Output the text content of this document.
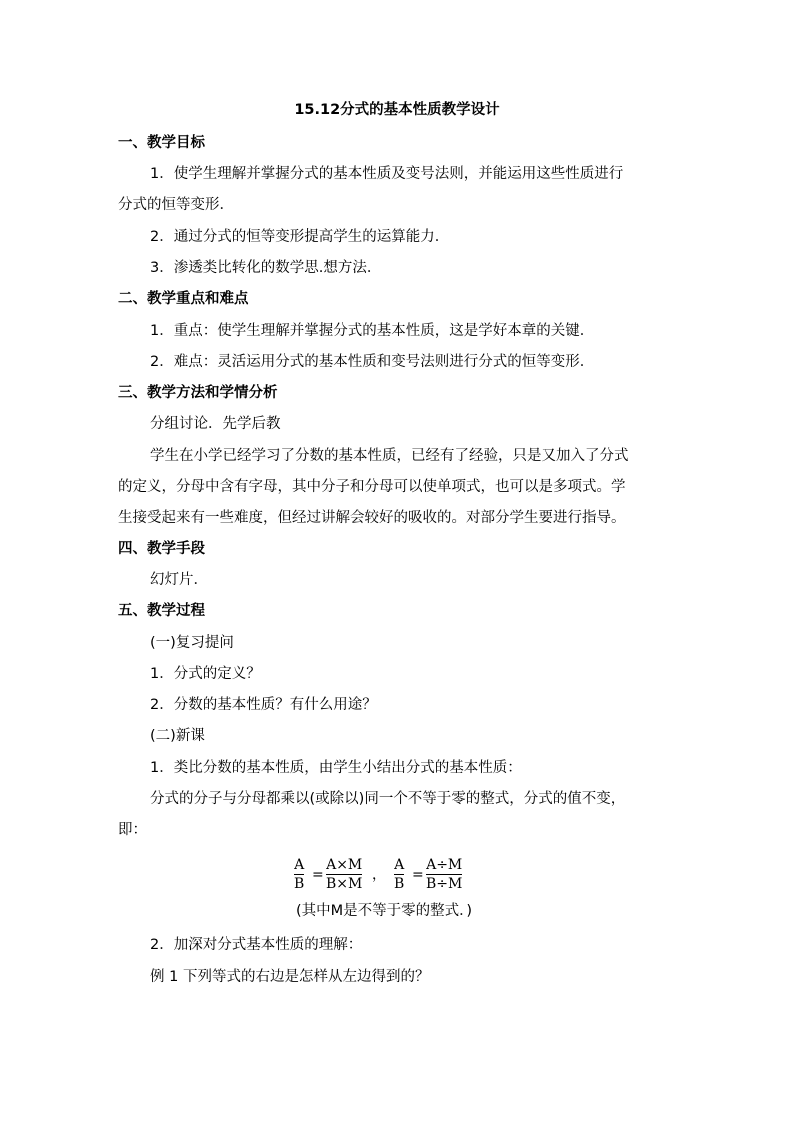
15.12分式的基本性质教学设计
一、教学目标
1．使学生理解并掌握分式的基本性质及变号法则，并能运用这些性质进行
分式的恒等变形．
2．通过分式的恒等变形提高学生的运算能力．
3．渗透类比转化的数学思.想方法．
二、教学重点和难点
1．重点：使学生理解并掌握分式的基本性质，这是学好本章的关键．
2．难点：灵活运用分式的基本性质和变号法则进行分式的恒等变形．
三、教学方法和学情分析
分组讨论．先学后教
学生在小学已经学习了分数的基本性质，已经有了经验，只是又加入了分式
的定义，分母中含有字母，其中分子和分母可以使单项式，也可以是多项式。学
生接受起来有一些难度，但经过讲解会较好的吸收的。对部分学生要进行指导。
四、教学手段
幻灯片．
五、教学过程
(一)复习提问
1．分式的定义？
2．分数的基本性质？有什么用途？
(二)新课
1．类比分数的基本性质，由学生小结出分式的基本性质：
分式的分子与分母都乘以(或除以)同一个不等于零的整式，分式的值不变，
即：
A
B
=
A×M
B×M
，
A
B
=
A÷M
B÷M
(其中M是不等于零的整式．)
2．加深对分式基本性质的理解：
例 1 下列等式的右边是怎样从左边得到的？
